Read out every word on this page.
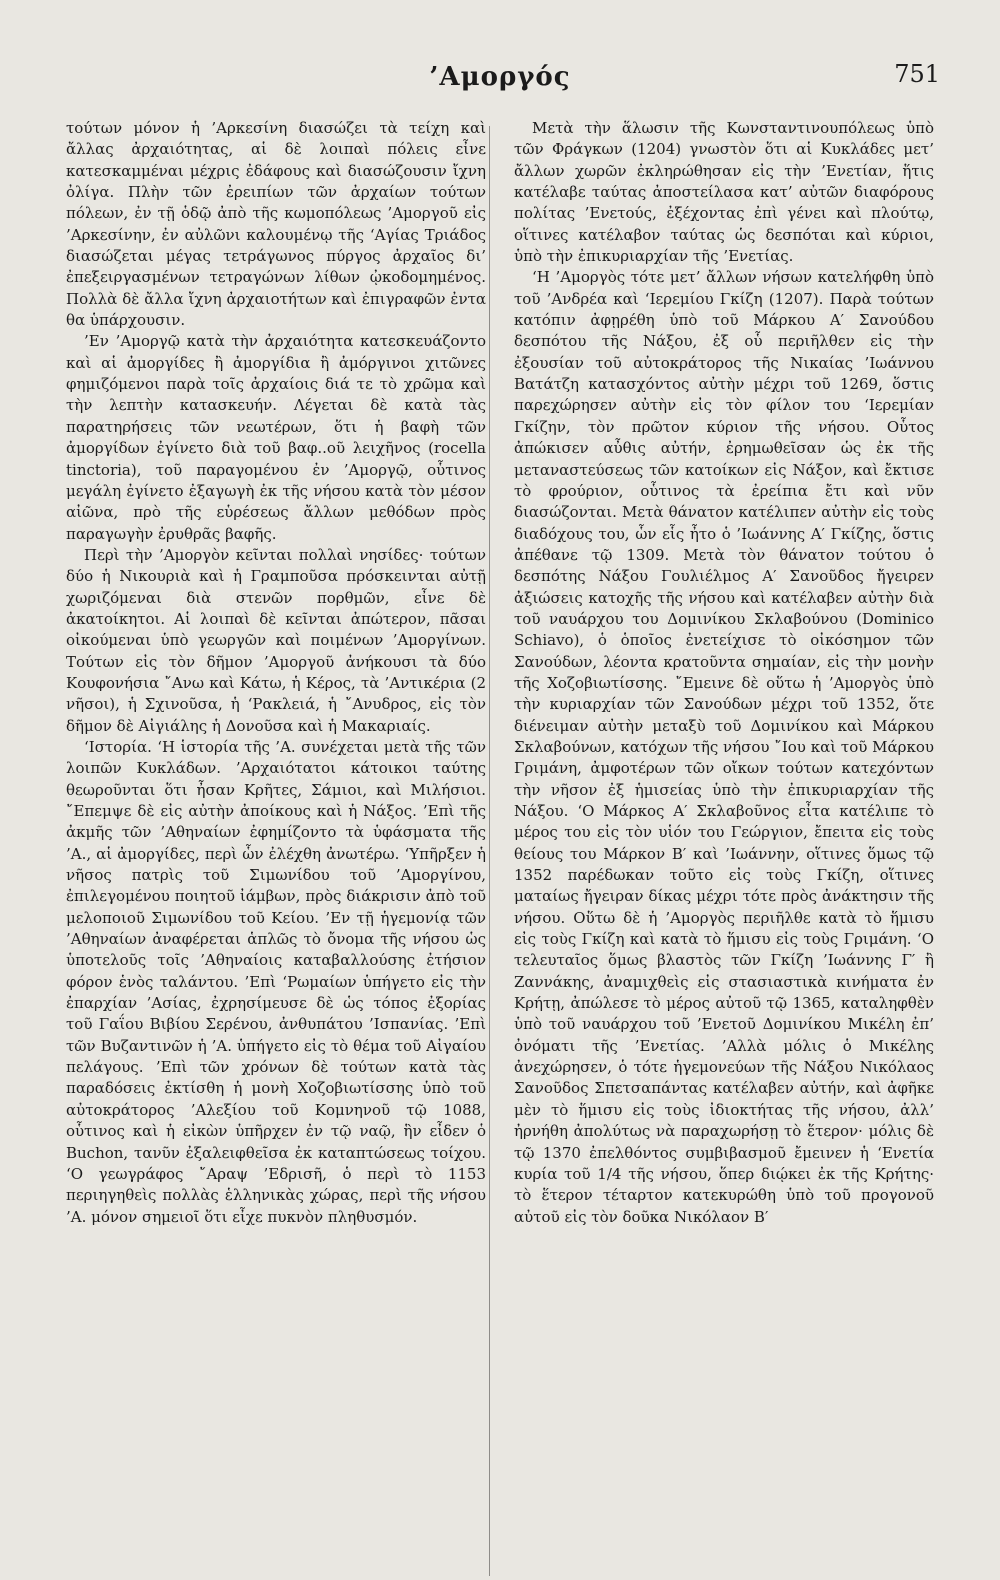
’Αμοργός	751

τούτων μόνον ἡ ’Αρκεσίνη διασώζει τὰ τείχη καὶ ἄλλας ἀρχαιότητας, αἱ δὲ λοιπαὶ πόλεις εἶνε κατεσκαμμέναι μέχρις ἐδάφους καὶ διασώζουσιν ἴχνη ὀλίγα. Πλὴν τῶν ἐρειπίων τῶν ἀρχαίων τούτων πόλεων, ἐν τῇ ὁδῷ ἀπὸ τῆς κωμοπόλεως ’Αμοργοῦ εἰς ’Αρκεσίνην, ἐν αὐλῶνι καλουμένῳ τῆς ‘Αγίας Τριάδος διασώζεται μέγας τετράγωνος πύργος ἀρχαῖος δι’ ἐπεξειργασμένων τετραγώνων λίθων ᾠκοδομημένος. Πολλὰ δὲ ἄλλα ἴχνη ἀρχαιοτήτων καὶ ἐπιγραφῶν ἐντα θα ὑπάρχουσιν.

’Εν ’Αμοργῷ κατὰ τὴν ἀρχαιότητα κατεσκευάζοντο καὶ αἱ ἀμοργίδες ἢ ἀμοργίδια ἢ ἀμόργινοι χιτῶνες φημιζόμενοι παρὰ τοῖς ἀρχαίοις διά τε τὸ χρῶμα καὶ τὴν λεπτὴν κατασκευήν. Λέγεται δὲ κατὰ τὰς παρατηρήσεις τῶν νεωτέρων, ὅτι ἡ βαφὴ τῶν ἀμοργίδων ἐγίνετο διὰ τοῦ βαφ..οῦ λειχῆνος (rocella tinctoria), τοῦ παραγομένου ἐν ’Αμοργῷ, οὗτινος μεγάλη ἐγίνετο ἐξαγωγὴ ἐκ τῆς νήσου κατὰ τὸν μέσον αἰῶνα, πρὸ τῆς εὑρέσεως ἄλλων μεθόδων πρὸς παραγωγὴν ἐρυθρᾶς βαφῆς.

Περὶ τὴν ’Αμοργὸν κεῖνται πολλαὶ νησίδες· τούτων δύο ἡ Νικουριὰ καὶ ἡ Γραμποῦσα πρόσκεινται αὐτῇ χωριζόμεναι διὰ στενῶν πορθμῶν, εἶνε δὲ ἀκατοίκητοι. Αἱ λοιπαὶ δὲ κεῖνται ἀπώτερον, πᾶσαι οἰκούμεναι ὑπὸ γεωργῶν καὶ ποιμένων ’Αμοργίνων. Τούτων εἰς τὸν δῆμον ’Αμοργοῦ ἀνήκουσι τὰ δύο Κουφονήσια ῎Ανω καὶ Κάτω, ἡ Κέρος, τὰ ’Αντικέρια (2 νῆσοι), ἡ Σχινοῦσα, ἡ ‘Ρακλειά, ἡ ῎Ανυδρος, εἰς τὸν δῆμον δὲ Αἰγιάλης ἡ Δονοῦσα καὶ ἡ Μακαριαίς.

‘Ιστορία. ‘Η ἱστορία τῆς ’Α. συνέχεται μετὰ τῆς τῶν λοιπῶν Κυκλάδων. ’Αρχαιότατοι κάτοικοι ταύτης θεωροῦνται ὅτι ἦσαν Κρῆτες, Σάμιοι, καὶ Μιλήσιοι. ῎Επεμψε δὲ εἰς αὐτὴν ἀποίκους καὶ ἡ Νάξος. ’Επὶ τῆς ἀκμῆς τῶν ’Αθηναίων ἐφημίζοντο τὰ ὑφάσματα τῆς ’Α., αἱ ἀμοργίδες, περὶ ὧν ἐλέχθη ἀνωτέρω. ‘Υπῆρξεν ἡ νῆσος πατρὶς τοῦ Σιμωνίδου τοῦ ’Αμοργίνου, ἐπιλεγομένου ποιητοῦ ἰάμβων, πρὸς διάκρισιν ἀπὸ τοῦ μελοποιοῦ Σιμωνίδου τοῦ Κείου. ’Εν τῇ ἡγεμονίᾳ τῶν ’Αθηναίων ἀναφέρεται ἁπλῶς τὸ ὄνομα τῆς νήσου ὡς ὑποτελοῦς τοῖς ’Αθηναίοις καταβαλλούσης ἐτήσιον φόρον ἑνὸς ταλάντου. ’Επὶ ‘Ρωμαίων ὑπήγετο εἰς τὴν ἐπαρχίαν ’Ασίας, ἐχρησίμευσε δὲ ὡς τόπος ἐξορίας τοῦ Γαΐου Βιβίου Σερένου, ἀνθυπάτου ’Ισπανίας. ’Επὶ τῶν Βυζαντινῶν ἡ ’Α. ὑπήγετο εἰς τὸ θέμα τοῦ Αἰγαίου πελάγους. ’Επὶ τῶν χρόνων δὲ τούτων κατὰ τὰς παραδόσεις ἐκτίσθη ἡ μονὴ Χοζοβιωτίσσης ὑπὸ τοῦ αὐτοκράτορος ’Αλεξίου τοῦ Κομνηνοῦ τῷ 1088, οὗτινος καὶ ἡ εἰκὼν ὑπῆρχεν ἐν τῷ ναῷ, ἣν εἶδεν ὁ Buchon, τανῦν ἐξαλειφθεῖσα ἐκ καταπτώσεως τοίχου. ‘Ο γεωγράφος ῎Αραψ ’Εδρισῆ, ὁ περὶ τὸ 1153 περιηγηθεὶς πολλὰς ἑλληνικὰς χώρας, περὶ τῆς νήσου ’Α. μόνον σημειοῖ ὅτι εἶχε πυκνὸν πληθυσμόν.

Μετὰ τὴν ἅλωσιν τῆς Κωνσταντινουπόλεως ὑπὸ τῶν Φράγκων (1204) γνωστὸν ὅτι αἱ Κυκλάδες μετ’ ἄλλων χωρῶν ἐκληρώθησαν εἰς τὴν ’Ενετίαν, ἥτις κατέλαβε ταύτας ἀποστείλασα κατ’ αὐτῶν διαφόρους πολίτας ’Ενετούς, ἐξέχοντας ἐπὶ γένει καὶ πλούτῳ, οἵτινες κατέλαβον ταύτας ὡς δεσπόται καὶ κύριοι, ὑπὸ τὴν ἐπικυριαρχίαν τῆς ’Ενετίας.

‘Η ’Αμοργὸς τότε μετ’ ἄλλων νήσων κατελήφθη ὑπὸ τοῦ ’Ανδρέα καὶ ‘Ιερεμίου Γκίζη (1207). Παρὰ τούτων κατόπιν ἀφῃρέθη ὑπὸ τοῦ Μάρκου Α′ Σανούδου δεσπότου τῆς Νάξου, ἐξ οὗ περιῆλθεν εἰς τὴν ἐξουσίαν τοῦ αὐτοκράτορος τῆς Νικαίας ’Ιωάννου Βατάτζη κατασχόντος αὐτὴν μέχρι τοῦ 1269, ὅστις παρεχώρησεν αὐτὴν εἰς τὸν φίλον του ‘Ιερεμίαν Γκίζην, τὸν πρῶτον κύριον τῆς νήσου. Οὗτος ἀπώκισεν αὖθις αὐτήν, ἐρημωθεῖσαν ὡς ἐκ τῆς μεταναστεύσεως τῶν κατοίκων εἰς Νάξον, καὶ ἔκτισε τὸ φρούριον, οὗτινος τὰ ἐρείπια ἔτι καὶ νῦν διασώζονται. Μετὰ θάνατον κατέλιπεν αὐτὴν εἰς τοὺς διαδόχους του, ὧν εἷς ἦτο ὁ ’Ιωάννης Α′ Γκίζης, ὅστις ἀπέθανε τῷ 1309. Μετὰ τὸν θάνατον τούτου ὁ δεσπότης Νάξου Γουλιέλμος Α′ Σανοῦδος ἤγειρεν ἀξιώσεις κατοχῆς τῆς νήσου καὶ κατέλαβεν αὐτὴν διὰ τοῦ ναυάρχου του Δομινίκου Σκλαβούνου (Dominico Schiavo), ὁ ὁποῖος ἐνετείχισε τὸ οἰκόσημον τῶν Σανούδων, λέοντα κρατοῦντα σημαίαν, εἰς τὴν μονὴν τῆς Χοζοβιωτίσσης. ῎Εμεινε δὲ οὕτω ἡ ’Αμοργὸς ὑπὸ τὴν κυριαρχίαν τῶν Σανούδων μέχρι τοῦ 1352, ὅτε διένειμαν αὐτὴν μεταξὺ τοῦ Δομινίκου καὶ Μάρκου Σκλαβούνων, κατόχων τῆς νήσου ῎Ιου καὶ τοῦ Μάρκου Γριμάνη, ἀμφοτέρων τῶν οἴκων τούτων κατεχόντων τὴν νῆσον ἐξ ἡμισείας ὑπὸ τὴν ἐπικυριαρχίαν τῆς Νάξου. ‘Ο Μάρκος Α′ Σκλαβοῦνος εἶτα κατέλιπε τὸ μέρος του εἰς τὸν υἱόν του Γεώργιον, ἔπειτα εἰς τοὺς θείους του Μάρκον Β′ καὶ ’Ιωάννην, οἵτινες ὅμως τῷ 1352 παρέδωκαν τοῦτο εἰς τοὺς Γκίζη, οἵτινες ματαίως ἤγειραν δίκας μέχρι τότε πρὸς ἀνάκτησιν τῆς νήσου. Οὕτω δὲ ἡ ’Αμοργὸς περιῆλθε κατὰ τὸ ἥμισυ εἰς τοὺς Γκίζη καὶ κατὰ τὸ ἥμισυ εἰς τοὺς Γριμάνη. ‘Ο τελευταῖος ὅμως βλαστὸς τῶν Γκίζη ’Ιωάννης Γ′ ἢ Ζαννάκης, ἀναμιχθεὶς εἰς στασιαστικὰ κινήματα ἐν Κρήτῃ, ἀπώλεσε τὸ μέρος αὐτοῦ τῷ 1365, καταληφθὲν ὑπὸ τοῦ ναυάρχου τοῦ ’Ενετοῦ Δομινίκου Μικέλη ἐπ’ ὀνόματι τῆς ’Ενετίας. ’Αλλὰ μόλις ὁ Μικέλης ἀνεχώρησεν, ὁ τότε ἡγεμονεύων τῆς Νάξου Νικόλαος Σανοῦδος Σπετσαπάντας κατέλαβεν αὐτήν, καὶ ἀφῆκε μὲν τὸ ἥμισυ εἰς τοὺς ἰδιοκτήτας τῆς νήσου, ἀλλ’ ἠρνήθη ἀπολύτως νὰ παραχωρήσῃ τὸ ἕτερον· μόλις δὲ τῷ 1370 ἐπελθόντος συμβιβασμοῦ ἔμεινεν ἡ ‘Ενετία κυρία τοῦ 1/4 τῆς νήσου, ὅπερ διῴκει ἐκ τῆς Κρήτης· τὸ ἕτερον τέταρτον κατεκυρώθη ὑπὸ τοῦ προγονοῦ αὐτοῦ εἰς τὸν δοῦκα Νικόλαον Β′
